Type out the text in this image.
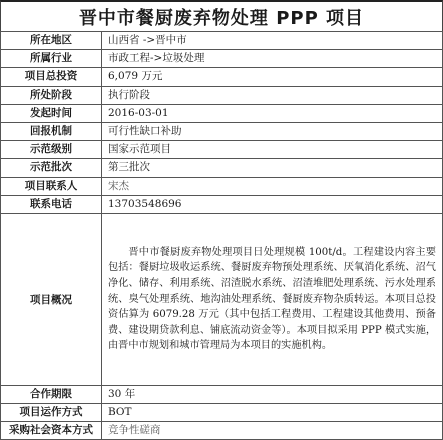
晋中市餐厨废弃物处理 PPP 项目
所在地区	山西省 ->晋中市
所属行业	市政工程->垃圾处理
项目总投资	6,079 万元
所处阶段	执行阶段
发起时间	2016-03-01
回报机制	可行性缺口补助
示范级别	国家示范项目
示范批次	第三批次
项目联系人	宋杰
联系电话	13703548696
项目概况	晋中市餐厨废弃物处理项目日处理规模 100t/d。工程建设内容主要包括：餐厨垃圾收运系统、餐厨废弃物预处理系统、厌氧消化系统、沼气净化、储存、利用系统、沼渣脱水系统、沼渣堆肥处理系统、污水处理系统、臭气处理系统、地沟油处理系统、餐厨废弃物杂质转运。本项目总投资估算为 6079.28 万元（其中包括工程费用、工程建设其他费用、预备费、建设期贷款利息、铺底流动资金等）。本项目拟采用 PPP 模式实施，由晋中市规划和城市管理局为本项目的实施机构。

合作期限	30 年
项目运作方式	BOT
采购社会资本方式	竞争性磋商
